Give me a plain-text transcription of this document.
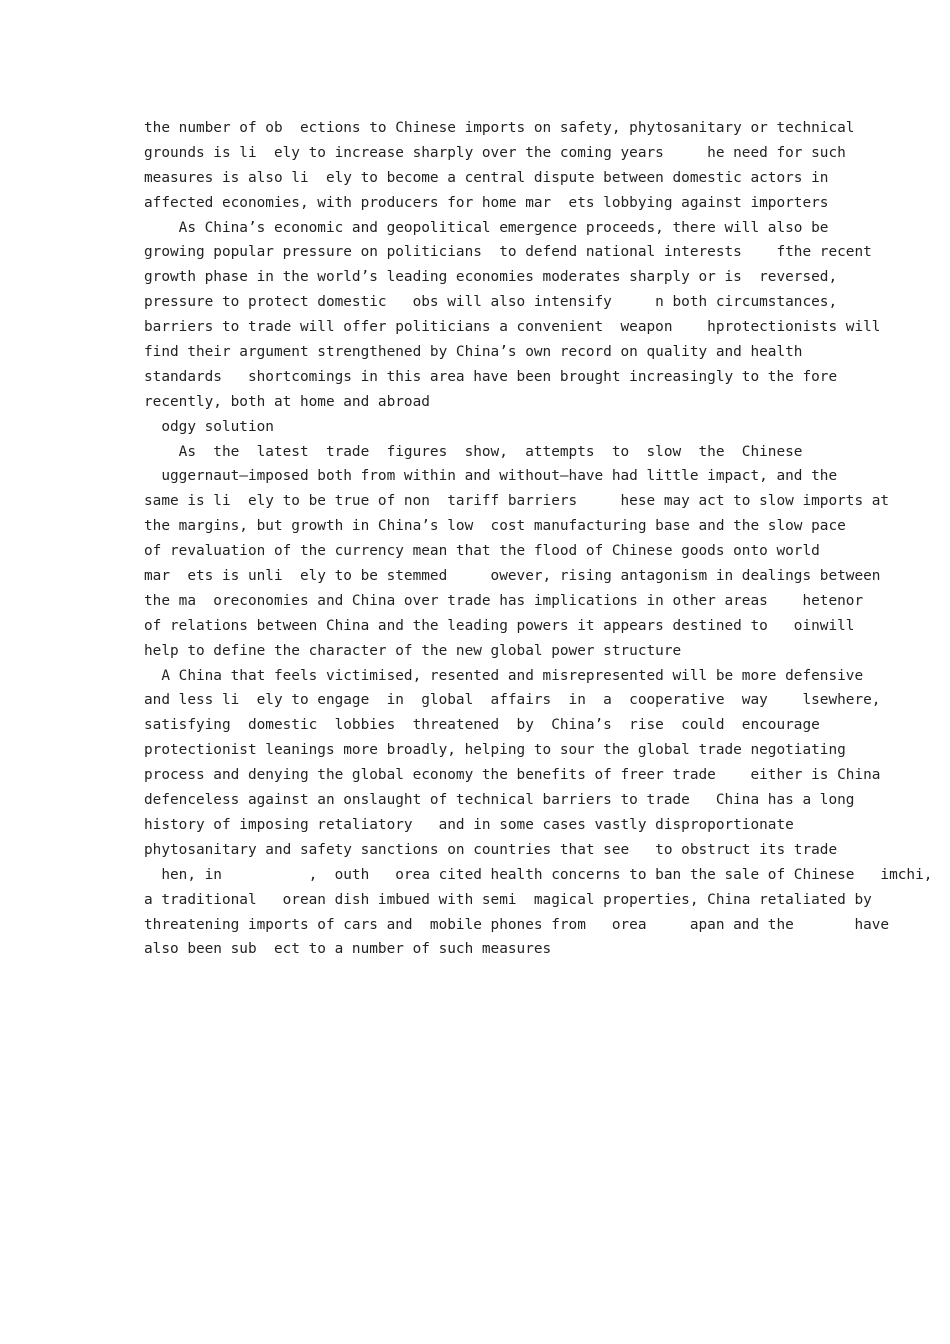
the number of ob  ections to Chinese imports on safety, phytosanitary or technical
grounds is li  ely to increase sharply over the coming years     he need for such
measures is also li  ely to become a central dispute between domestic actors in
affected economies, with producers for home mar  ets lobbying against importers
As China’s economic and geopolitical emergence proceeds, there will also be
growing popular pressure on politicians  to defend national interests    fthe recent
growth phase in the world’s leading economies moderates sharply or is  reversed,
pressure to protect domestic   obs will also intensify     n both circumstances,
barriers to trade will offer politicians a convenient  weapon    hprotectionists will
find their argument strengthened by China’s own record on quality and health
standards   shortcomings in this area have been brought increasingly to the fore
recently, both at home and abroad
odgy solution
As  the  latest  trade  figures  show,  attempts  to  slow  the  Chinese
uggernaut—imposed both from within and without—have had little impact, and the
same is li  ely to be true of non  tariff barriers     hese may act to slow imports at
the margins, but growth in China’s low  cost manufacturing base and the slow pace
of revaluation of the currency mean that the flood of Chinese goods onto world
mar  ets is unli  ely to be stemmed     owever, rising antagonism in dealings between
the ma  oreconomies and China over trade has implications in other areas    hetenor
of relations between China and the leading powers it appears destined to   oinwill
help to define the character of the new global power structure
A China that feels victimised, resented and misrepresented will be more defensive
and less li  ely to engage  in  global  affairs  in  a  cooperative  way    lsewhere,
satisfying  domestic  lobbies  threatened  by  China’s  rise  could  encourage
protectionist leanings more broadly, helping to sour the global trade negotiating
process and denying the global economy the benefits of freer trade    either is China
defenceless against an onslaught of technical barriers to trade   China has a long
history of imposing retaliatory   and in some cases vastly disproportionate
phytosanitary and safety sanctions on countries that see   to obstruct its trade
hen, in          ,  outh   orea cited health concerns to ban the sale of Chinese   imchi,
a traditional   orean dish imbued with semi  magical properties, China retaliated by
threatening imports of cars and  mobile phones from   orea     apan and the       have
also been sub  ect to a number of such measures
